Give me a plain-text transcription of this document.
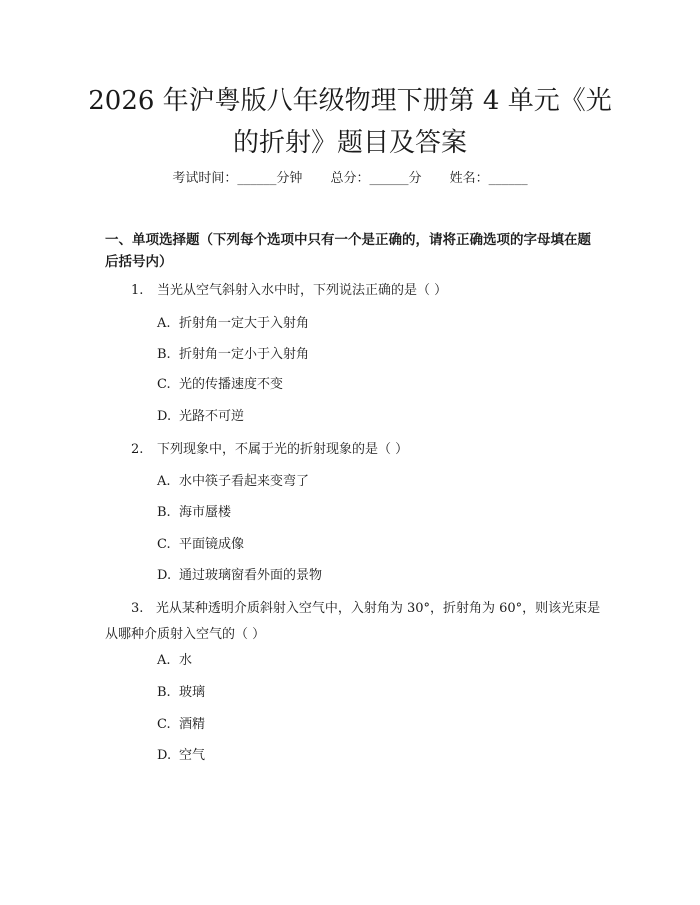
2026 年沪粤版八年级物理下册第 4 单元《光
的折射》题目及答案
考试时间：______分钟 总分：______分 姓名：______

一、单项选择题（下列每个选项中只有一个是正确的，请将正确选项的字母填在题后括号内）

1. 当光从空气斜射入水中时，下列说法正确的是（ ）
A. 折射角一定大于入射角
B. 折射角一定小于入射角
C. 光的传播速度不变
D. 光路不可逆
2. 下列现象中，不属于光的折射现象的是（ ）
A. 水中筷子看起来变弯了
B. 海市蜃楼
C. 平面镜成像
D. 通过玻璃窗看外面的景物
3. 光从某种透明介质斜射入空气中，入射角为 30°，折射角为 60°，则该光束是从哪种介质射入空气的（ ）
A. 水
B. 玻璃
C. 酒精
D. 空气
